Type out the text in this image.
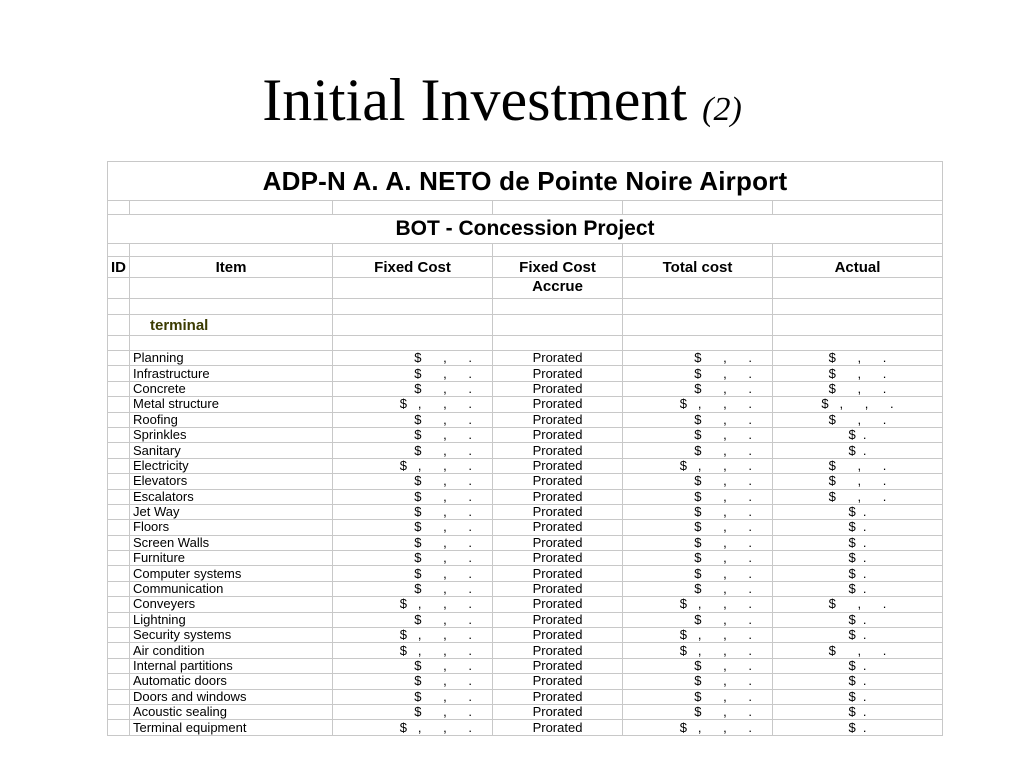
Initial Investment (2)
ADP-N A. A. NETO de Pointe Noire Airport					

BOT - Concession Project					

ID	Item	Fixed Cost	Fixed Cost	Total cost	Actual
			Accrue		

	terminal				

	Planning	$      ,      .	Prorated	$      ,      .	$      ,      .
	Infrastructure	$      ,      .	Prorated	$      ,      .	$      ,      .
	Concrete	$      ,      .	Prorated	$      ,      .	$      ,      .
	Metal structure	$   ,      ,      .	Prorated	$   ,      ,      .	$   ,      ,      .
	Roofing	$      ,      .	Prorated	$      ,      .	$      ,      .
	Sprinkles	$      ,      .	Prorated	$      ,      .	$  .
	Sanitary	$      ,      .	Prorated	$      ,      .	$  .
	Electricity	$   ,      ,      .	Prorated	$   ,      ,      .	$      ,      .
	Elevators	$      ,      .	Prorated	$      ,      .	$      ,      .
	Escalators	$      ,      .	Prorated	$      ,      .	$      ,      .
	Jet Way	$      ,      .	Prorated	$      ,      .	$  .
	Floors	$      ,      .	Prorated	$      ,      .	$  .
	Screen Walls	$      ,      .	Prorated	$      ,      .	$  .
	Furniture	$      ,      .	Prorated	$      ,      .	$  .
	Computer systems	$      ,      .	Prorated	$      ,      .	$  .
	Communication	$      ,      .	Prorated	$      ,      .	$  .
	Conveyers	$   ,      ,      .	Prorated	$   ,      ,      .	$      ,      .
	Lightning	$      ,      .	Prorated	$      ,      .	$  .
	Security systems	$   ,      ,      .	Prorated	$   ,      ,      .	$  .
	Air condition	$   ,      ,      .	Prorated	$   ,      ,      .	$      ,      .
	Internal partitions	$      ,      .	Prorated	$      ,      .	$  .
	Automatic doors	$      ,      .	Prorated	$      ,      .	$  .
	Doors and windows	$      ,      .	Prorated	$      ,      .	$  .
	Acoustic sealing	$      ,      .	Prorated	$      ,      .	$  .
	Terminal equipment	$   ,      ,      .	Prorated	$   ,      ,      .	$  .
